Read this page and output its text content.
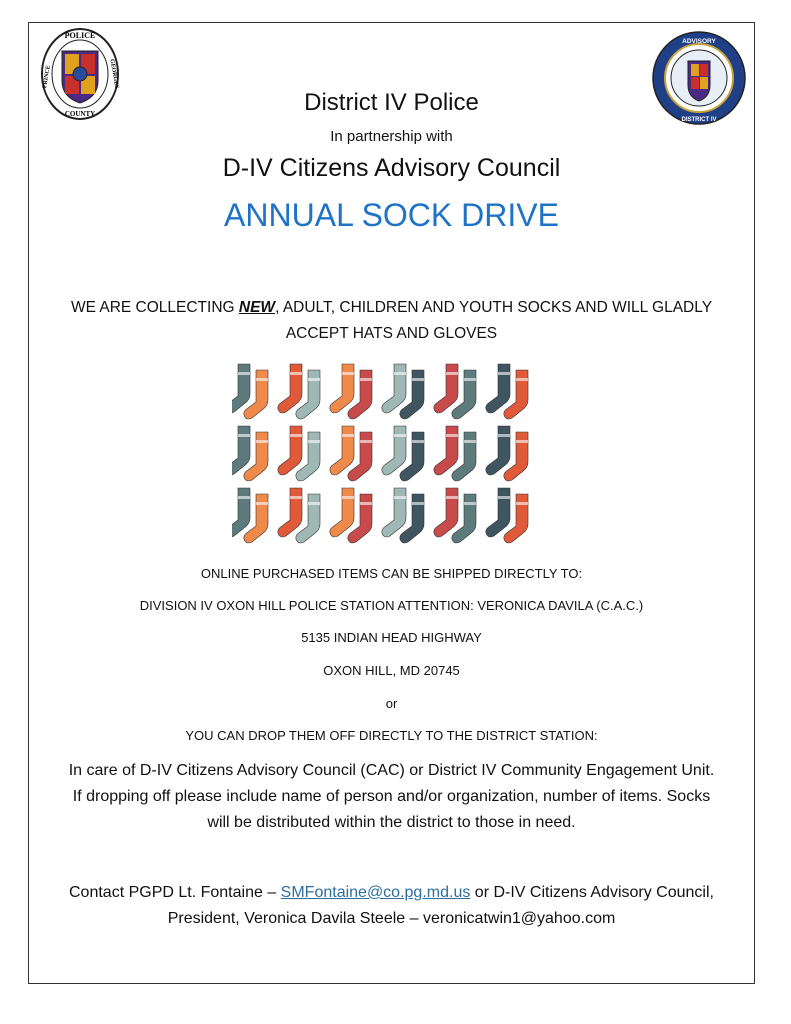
POLICE
COUNTY
PRINCE	GEORGES
ADVISORY
DISTRICT IV
District IV Police
In partnership with
D-IV Citizens Advisory Council
ANNUAL SOCK DRIVE
WE ARE COLLECTING NEW, ADULT, CHILDREN AND YOUTH SOCKS AND WILL GLADLY ACCEPT HATS AND GLOVES
ONLINE PURCHASED ITEMS CAN BE SHIPPED DIRECTLY TO:
DIVISION IV OXON HILL POLICE STATION ATTENTION: VERONICA DAVILA (C.A.C.)
5135 INDIAN HEAD HIGHWAY
OXON HILL, MD 20745
or
YOU CAN DROP THEM OFF DIRECTLY TO THE DISTRICT STATION:
In care of D-IV Citizens Advisory Council (CAC) or District IV Community Engagement Unit.
If dropping off please include name of person and/or organization, number of items. Socks
will be distributed within the district to those in need.
Contact PGPD Lt. Fontaine – SMFontaine@co.pg.md.us or D-IV Citizens Advisory Council,
President, Veronica Davila Steele – veronicatwin1@yahoo.com
